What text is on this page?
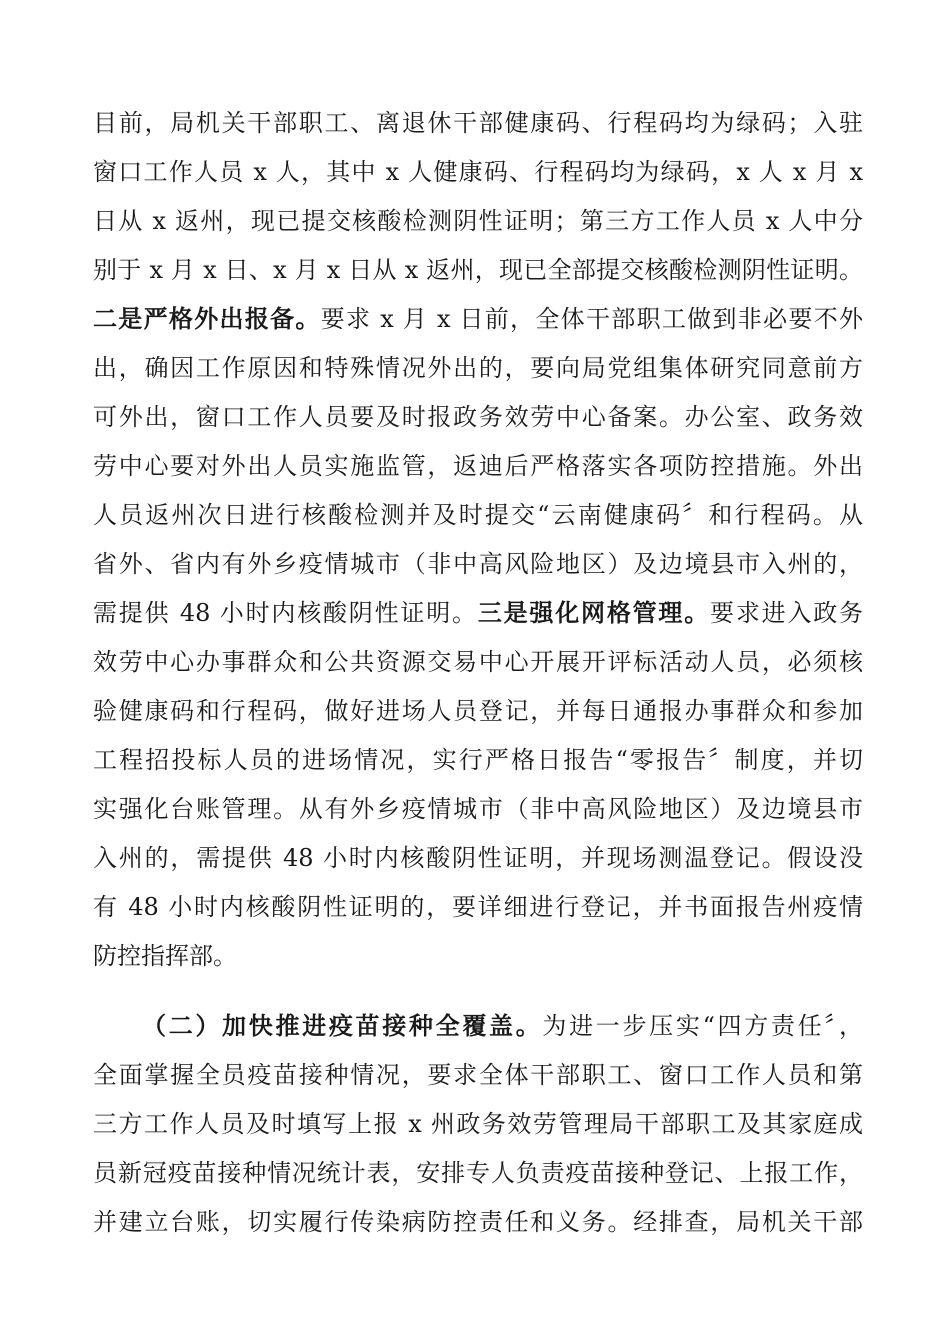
目前，局机关干部职工、离退休干部健康码、行程码均为绿码；入驻
窗口工作人员 x 人，其中 x 人健康码、行程码均为绿码，x 人 x 月 x
日从 x 返州，现已提交核酸检测阴性证明；第三方工作人员 x 人中分
别于 x 月 x 日、x 月 x 日从 x 返州，现已全部提交核酸检测阴性证明。
二是严格外出报备。要求 x 月 x 日前，全体干部职工做到非必要不外
出，确因工作原因和特殊情况外出的，要向局党组集体研究同意前方
可外出，窗口工作人员要及时报政务效劳中心备案。办公室、政务效
劳中心要对外出人员实施监管，返迪后严格落实各项防控措施。外出
人员返州次日进行核酸检测并及时提交“云南健康码〞和行程码。从
省外、省内有外乡疫情城市（非中高风险地区）及边境县市入州的，
需提供 48 小时内核酸阴性证明。三是强化网格管理。要求进入政务
效劳中心办事群众和公共资源交易中心开展开评标活动人员，必须核
验健康码和行程码，做好进场人员登记，并每日通报办事群众和参加
工程招投标人员的进场情况，实行严格日报告“零报告〞制度，并切
实强化台账管理。从有外乡疫情城市（非中高风险地区）及边境县市
入州的，需提供 48 小时内核酸阴性证明，并现场测温登记。假设没
有 48 小时内核酸阴性证明的，要详细进行登记，并书面报告州疫情
防控指挥部。
（二）加快推进疫苗接种全覆盖。为进一步压实“四方责任〞，
全面掌握全员疫苗接种情况，要求全体干部职工、窗口工作人员和第
三方工作人员及时填写上报 x 州政务效劳管理局干部职工及其家庭成
员新冠疫苗接种情况统计表，安排专人负责疫苗接种登记、上报工作，
并建立台账，切实履行传染病防控责任和义务。经排查，局机关干部
